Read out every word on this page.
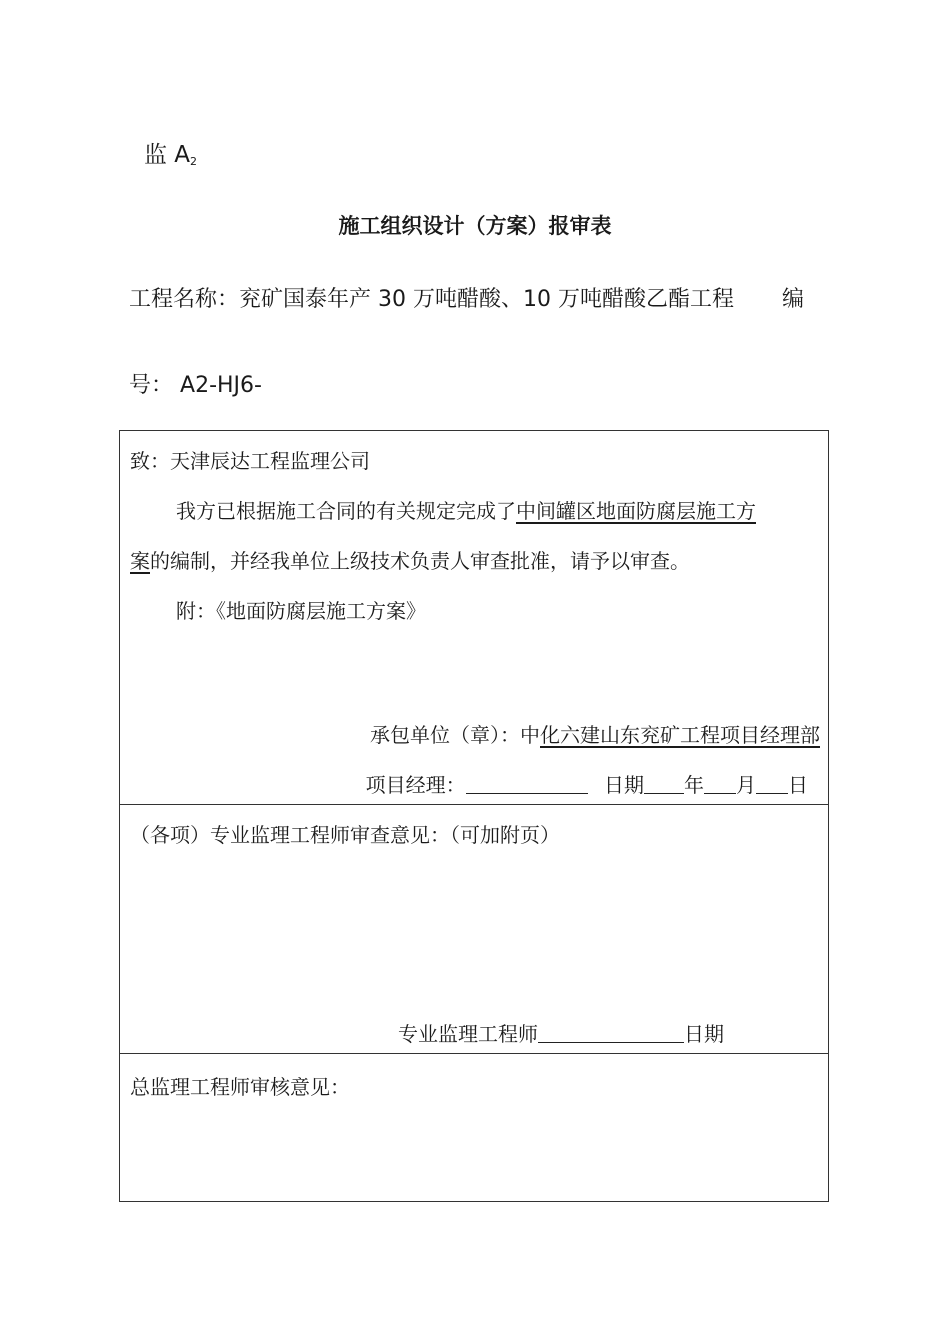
监 $A_2$
施工组织设计（方案）报审表
工程名称：兖矿国泰年产 30 万吨醋酸、10 万吨醋酸乙酯工程 编
号： A2-HJ6-
致：天津辰达工程监理公司
我方已根据施工合同的有关规定完成了中间罐区地面防腐层施工方
案的编制，并经我单位上级技术负责人审查批准，请予以审查。
附：《地面防腐层施工方案》
承包单位（章）：中化六建山东兖矿工程项目经理部
项目经理：	日期 年 月 日
（各项）专业监理工程师审查意见：（可加附页）
专业监理工程师	日期
总监理工程师审核意见：
